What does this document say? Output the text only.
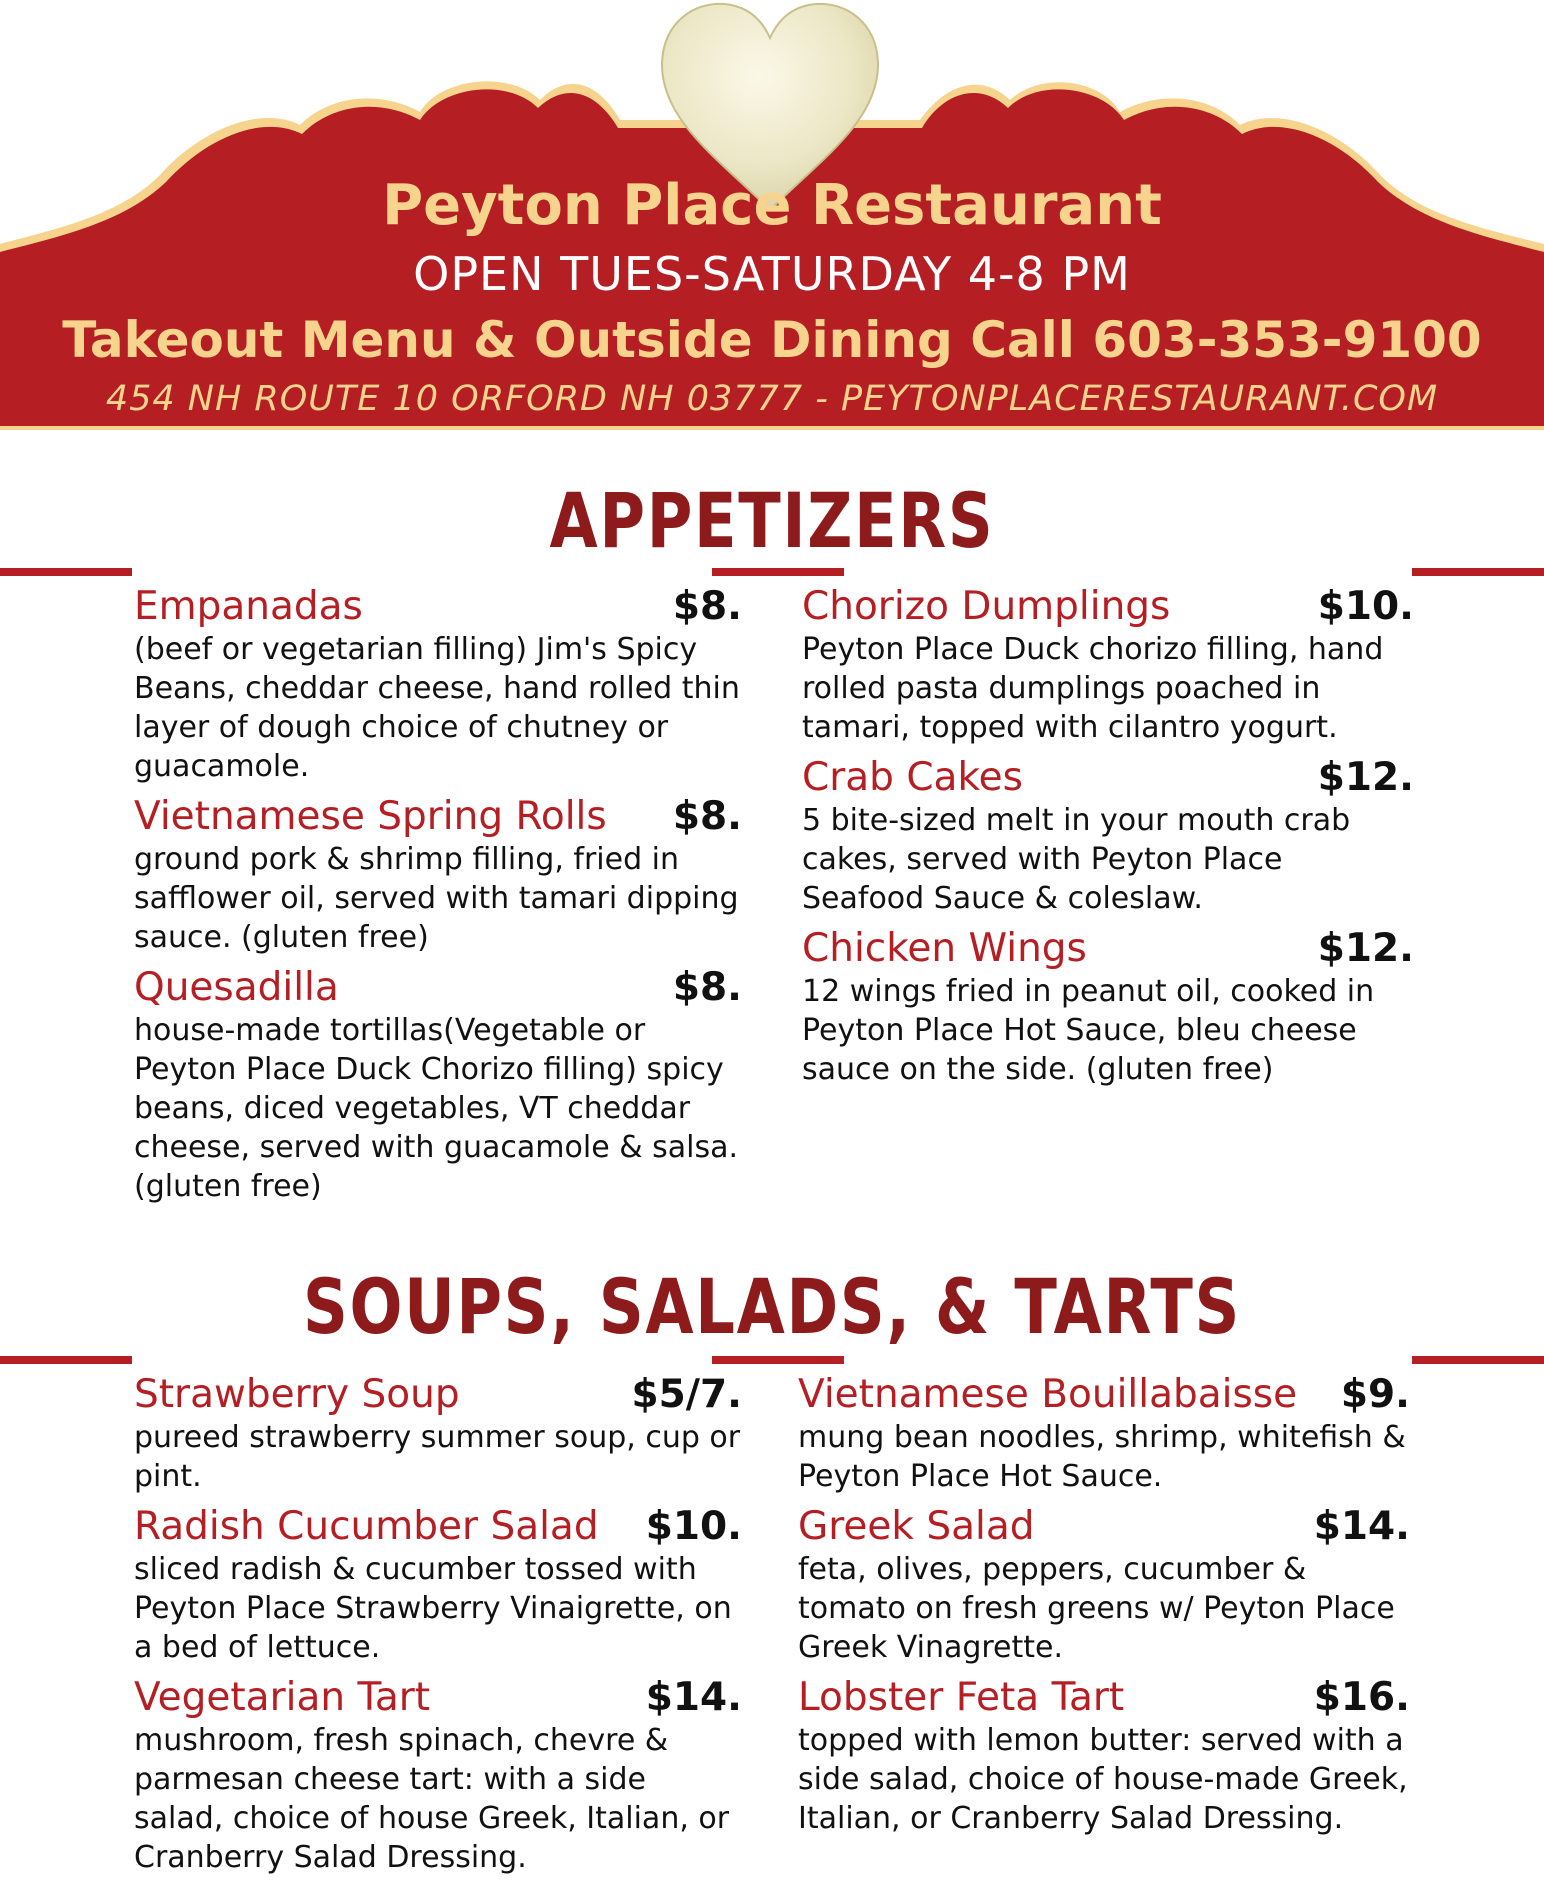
Peyton Place Restaurant
OPEN TUES-SATURDAY 4-8 PM
Takeout Menu & Outside Dining Call 603-353-9100
454 NH ROUTE 10 ORFORD NH 03777 - PEYTONPLACERESTAURANT.COM
APPETIZERS
Empanadas	$8.
(beef or vegetarian filling) Jim's Spicy Beans, cheddar cheese, hand rolled thin layer of dough choice of chutney or guacamole.
Vietnamese Spring Rolls $8.
ground pork & shrimp filling, fried in safflower oil, served with tamari dipping sauce. (gluten free)
Quesadilla	$8.
house-made tortillas(Vegetable or Peyton Place Duck Chorizo filling) spicy beans, diced vegetables, VT cheddar cheese, served with guacamole & salsa. (gluten free)
Chorizo Dumplings	$10.
Peyton Place Duck chorizo filling, hand rolled pasta dumplings poached in tamari, topped with cilantro yogurt.
Crab Cakes	$12.
5 bite-sized melt in your mouth crab cakes, served with Peyton Place Seafood Sauce & coleslaw.
Chicken Wings	$12.
12 wings fried in peanut oil, cooked in Peyton Place Hot Sauce, bleu cheese sauce on the side. (gluten free)
SOUPS, SALADS, & TARTS
Strawberry Soup	$5/7.
pureed strawberry summer soup, cup or pint.
Radish Cucumber Salad $10.
sliced radish & cucumber tossed with Peyton Place Strawberry Vinaigrette, on a bed of lettuce.
Vegetarian Tart	$14.
mushroom, fresh spinach, chevre & parmesan cheese tart: with a side salad, choice of house Greek, Italian, or Cranberry Salad Dressing.
Vietnamese Bouillabaisse $9.
mung bean noodles, shrimp, whitefish & Peyton Place Hot Sauce.
Greek Salad	$14.
feta, olives, peppers, cucumber & tomato on fresh greens w/ Peyton Place Greek Vinagrette.
Lobster Feta Tart	$16.
topped with lemon butter: served with a side salad, choice of house-made Greek, Italian, or Cranberry Salad Dressing.
